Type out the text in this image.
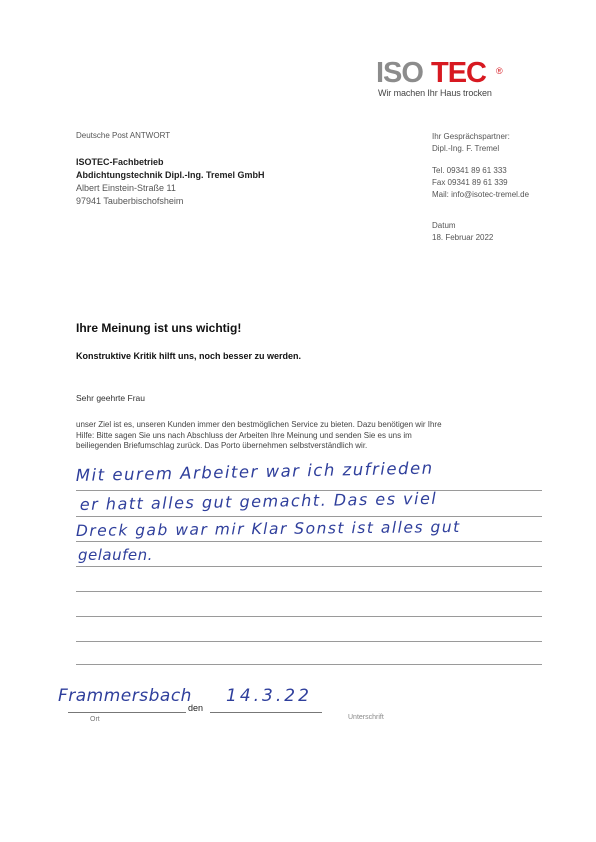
ISO TEC ®
Wir machen Ihr Haus trocken
Deutsche Post ANTWORT
ISOTEC-Fachbetrieb
Abdichtungstechnik Dipl.-Ing. Tremel GmbH
Albert Einstein-Straße 11
97941 Tauberbischofsheim
Ihr Gesprächspartner:
Dipl.-Ing. F. Tremel
Tel. 09341 89 61 333
Fax 09341 89 61 339
Mail: info@isotec-tremel.de
Datum
18. Februar 2022
Ihre Meinung ist uns wichtig!
Konstruktive Kritik hilft uns, noch besser zu werden.
Sehr geehrte Frau
unser Ziel ist es, unseren Kunden immer den bestmöglichen Service zu bieten. Dazu benötigen wir Ihre
Hilfe: Bitte sagen Sie uns nach Abschluss der Arbeiten Ihre Meinung und senden Sie es uns im
beiliegenden Briefumschlag zurück. Das Porto übernehmen selbstverständlich wir.
Mit eurem Arbeiter war ich zufrieden
er hatt alles gut gemacht. Das es viel
Dreck gab war mir Klar Sonst ist alles gut
gelaufen.
Frammersbach
den
14.3.22
Ort	Unterschrift
